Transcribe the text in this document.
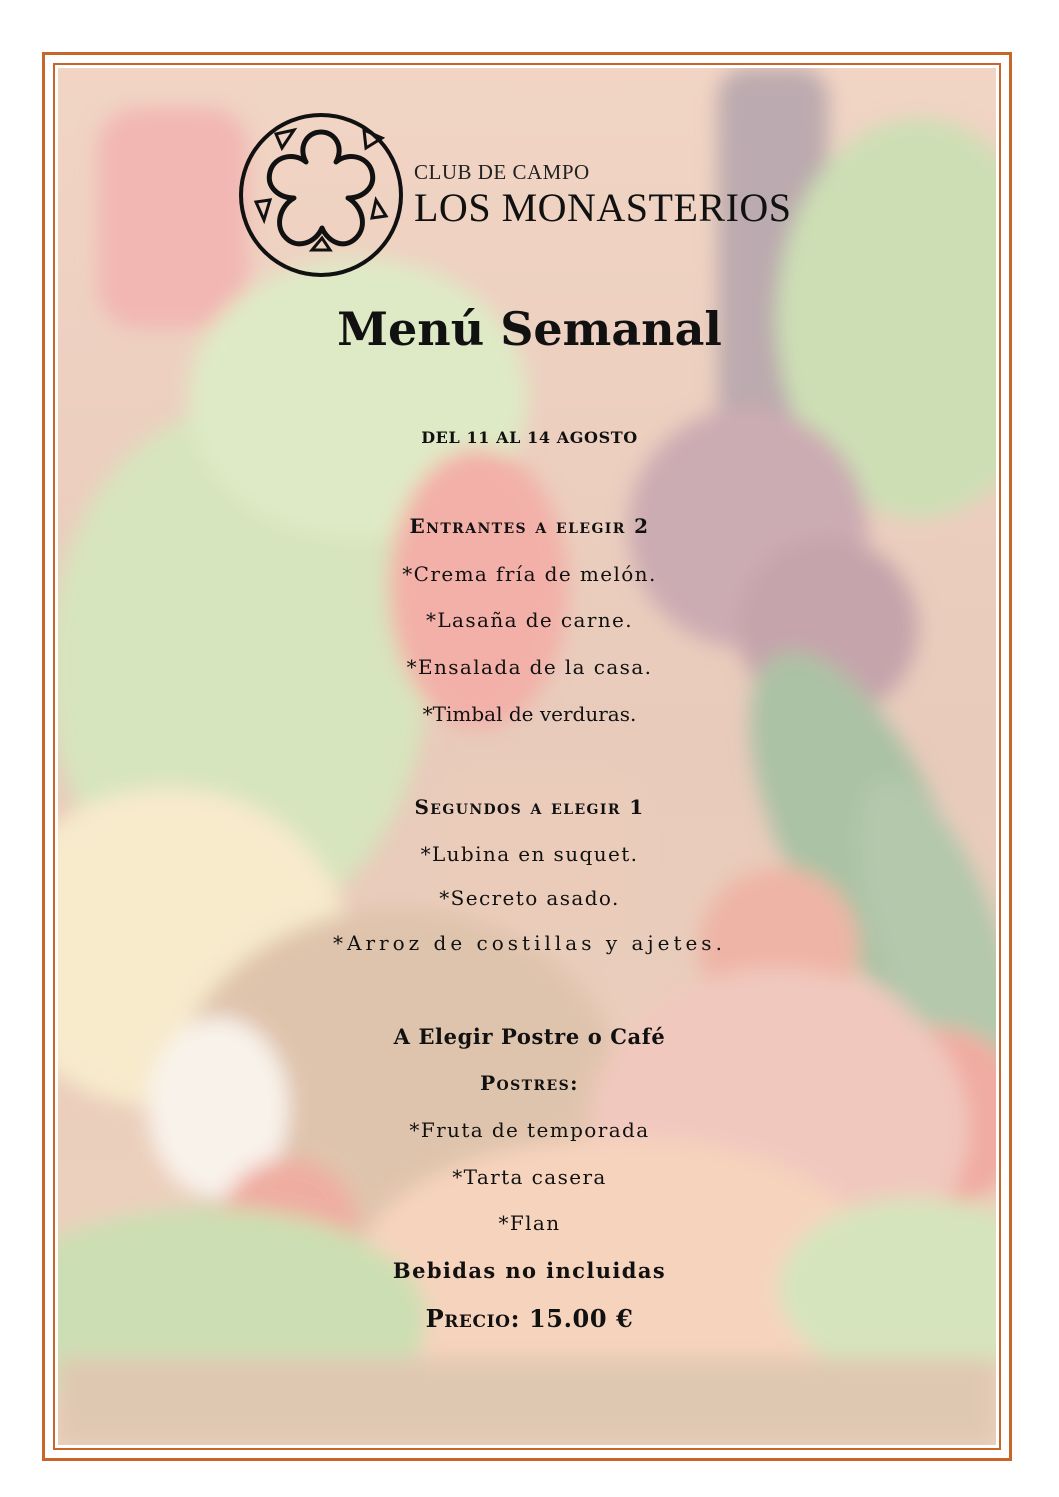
CLUB DE CAMPO
LOS MONASTERIOS
Menú Semanal
DEL 11 AL 14 AGOSTO
Entrantes a elegir 2
*Crema fría de melón.
*Lasaña de carne.
*Ensalada de la casa.
*Timbal de verduras.
Segundos a elegir 1
*Lubina en suquet.
*Secreto asado.
*Arroz de costillas y ajetes.
A Elegir Postre o Café
Postres:
*Fruta de temporada
*Tarta casera
*Flan
Bebidas no incluidas
Precio: 15.00 €
